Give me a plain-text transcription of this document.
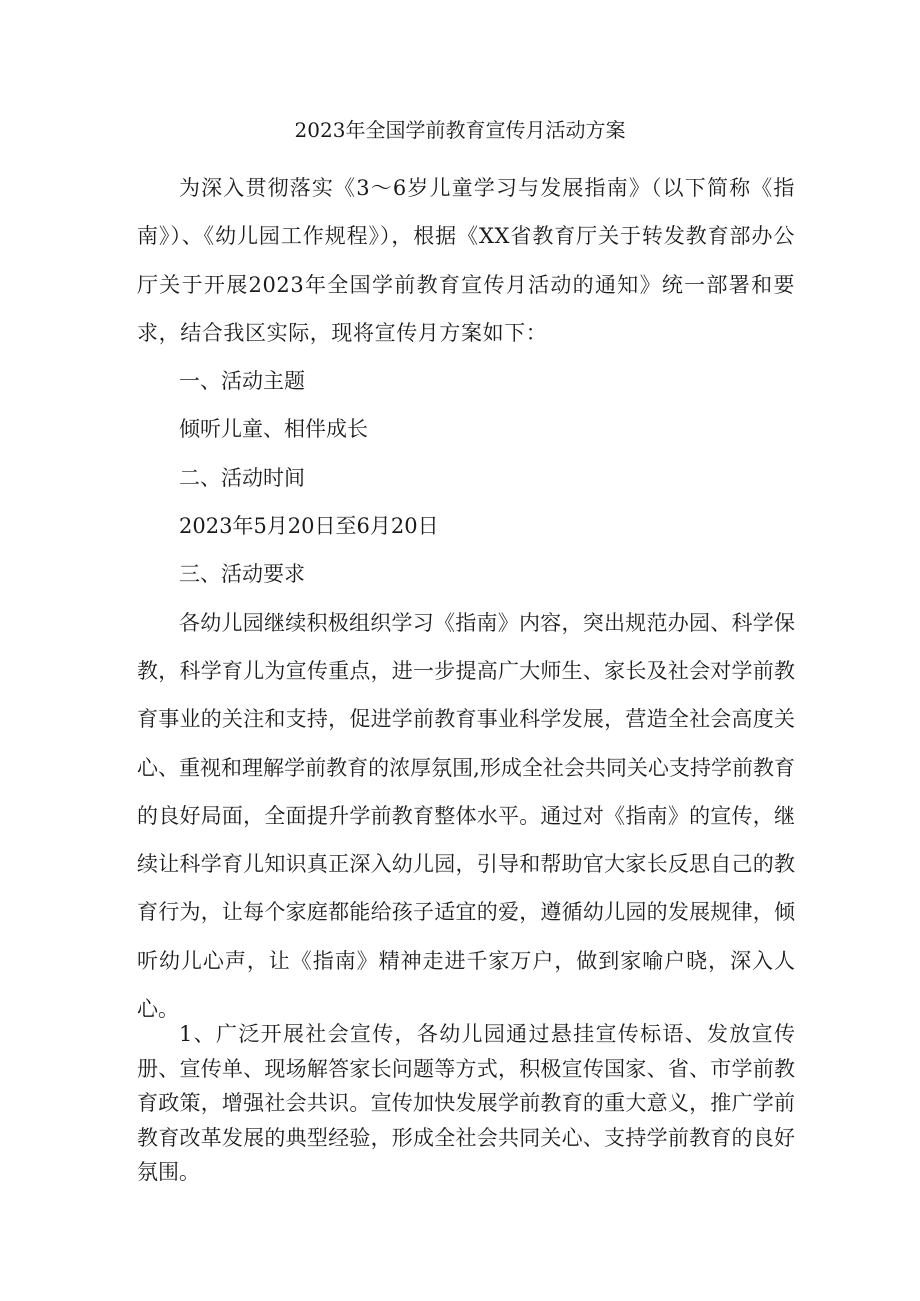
2023年全国学前教育宣传月活动方案

为深入贯彻落实《3～6岁儿童学习与发展指南》（以下简称《指南》）、《幼儿园工作规程》），根据《XX省教育厅关于转发教育部办公厅关于开展2023年全国学前教育宣传月活动的通知》统一部署和要求，结合我区实际，现将宣传月方案如下：

一、活动主题

倾听儿童、相伴成长

二、活动时间

2023年5月20日至6月20日

三、活动要求

各幼儿园继续积极组织学习《指南》内容，突出规范办园、科学保教，科学育儿为宣传重点，进一步提高广大师生、家长及社会对学前教育事业的关注和支持，促进学前教育事业科学发展，营造全社会高度关心、重视和理解学前教育的浓厚氛围,形成全社会共同关心支持学前教育的良好局面，全面提升学前教育整体水平。通过对《指南》的宣传，继续让科学育儿知识真正深入幼儿园，引导和帮助官大家长反思自己的教育行为，让每个家庭都能给孩子适宜的爱，遵循幼儿园的发展规律，倾听幼儿心声，让《指南》精神走进千家万户，做到家喻户晓，深入人心。

1、广泛开展社会宣传，各幼儿园通过悬挂宣传标语、发放宣传册、宣传单、现场解答家长问题等方式，积极宣传国家、省、市学前教育政策，增强社会共识。宣传加快发展学前教育的重大意义，推广学前教育改革发展的典型经验，形成全社会共同关心、支持学前教育的良好氛围。
